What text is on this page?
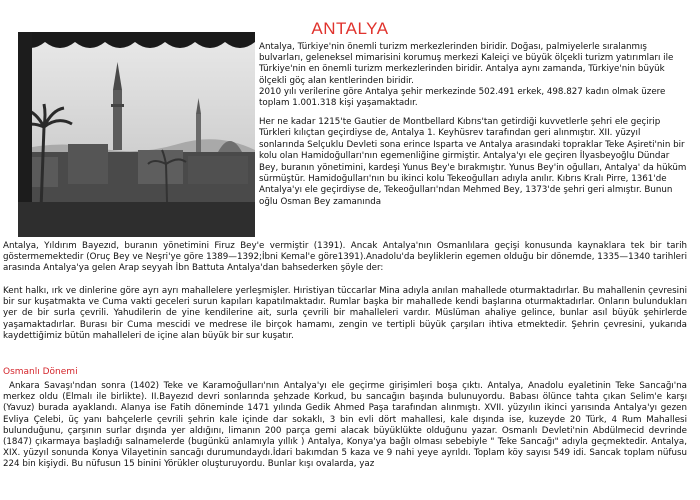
ANTALYA

Antalya, Türkiye'nin önemli turizm merkezlerinden biridir. Doğası, palmiyelerle sıralanmış bulvarları, geleneksel mimarisini korumuş merkezi Kaleiçi ve büyük ölçekli turizm yatırımları ile Türkiye'nin en önemli turizm merkezlerinden biridir. Antalya aynı zamanda, Türkiye'nin büyük ölçekli göç alan kentlerinden biridir.

2010 yılı verilerine göre Antalya şehir merkezinde 502.491 erkek, 498.827 kadın olmak üzere toplam 1.001.318 kişi yaşamaktadır.

Her ne kadar 1215'te Gautier de Montbellard Kıbrıs'tan getirdiği kuvvetlerle şehri ele geçirip Türkleri kılıçtan geçirdiyse de, Antalya 1. Keyhüsrev tarafından geri alınmıştır. XII. yüzyıl sonlarında Selçuklu Devleti sona erince Isparta ve Antalya arasındaki topraklar Teke Aşireti'nin bir kolu olan Hamidoğulları'nın egemenliğine girmiştir. Antalya'yı ele geçiren İlyasbeyoğlu Dündar Bey, buranın yönetimini, kardeşi Yunus Bey'e bırakmıştır. Yunus Bey'in oğulları, Antalya' da hüküm sürmüştür. Hamidoğulları'nın bu ikinci kolu Tekeoğulları adıyla anılır. Kıbrıs Kralı Pirre, 1361'de Antalya'yı ele geçirdiyse de, Tekeoğulları'ndan Mehmed Bey, 1373'de şehri geri almıştır. Bunun oğlu Osman Bey zamanında

Antalya, Yıldırım Bayezıd, buranın yönetimini Firuz Bey'e vermiştir (1391). Ancak Antalya'nın Osmanlılara geçişi konusunda kaynaklara tek bir tarih göstermemektedir (Oruç Bey ve Neşri'ye göre 1389—1392;İbni Kemal'e göre1391).Anadolu'da beyliklerin egemen olduğu bir dönemde, 1335—1340 tarihleri arasında Antalya'ya gelen Arap seyyah İbn Battuta Antalya'dan bahsederken şöyle der:

Kent halkı, ırk ve dinlerine göre ayrı ayrı mahallelere yerleşmişler. Hıristiyan tüccarlar Mina adıyla anılan mahallede oturmaktadırlar. Bu mahallenin çevresini bir sur kuşatmakta ve Cuma vakti geceleri surun kapıları kapatılmaktadır. Rumlar başka bir mahallede kendi başlarına oturmaktadırlar. Onların bulundukları yer de bir surla çevrili. Yahudilerin de yine kendilerine ait, surla çevrili bir mahalleleri vardır. Müslüman ahaliye gelince, bunlar asıl büyük şehirlerde yaşamaktadırlar. Burası bir Cuma mescidi ve medrese ile birçok hamamı, zengin ve tertipli büyük çarşıları ihtiva etmektedir. Şehrin çevresini, yukarıda kaydettiğimiz bütün mahalleleri de içine alan büyük bir sur kuşatır.

Osmanlı Dönemi

Ankara Savaşı'ndan sonra (1402) Teke ve Karamoğulları'nın Antalya'yı ele geçirme girişimleri boşa çıktı. Antalya, Anadolu eyaletinin Teke Sancağı'na merkez oldu (Elmalı ile birlikte). II.Bayezıd devri sonlarında şehzade Korkud, bu sancağın başında bulunuyordu. Babası ölünce tahta çıkan Selim'e karşı (Yavuz) burada ayaklandı. Alanya ise Fatih döneminde 1471 yılında Gedik Ahmed Paşa tarafından alınmıştı. XVII. yüzyılın ikinci yarısında Antalya'yı gezen Evliya Çelebi, üç yanı bahçelerle çevrili şehrin kale içinde dar sokaklı, 3 bin evli dört mahallesi, kale dışında ise, kuzeyde 20 Türk, 4 Rum Mahallesi bulunduğunu, çarşının surlar dışında yer aldığını, limanın 200 parça gemi alacak büyüklükte olduğunu yazar. Osmanlı Devleti'nin Abdülmecid devrinde (1847) çıkarmaya başladığı salnamelerde (bugünkü anlamıyla yıllık ) Antalya, Konya'ya bağlı olması sebebiyle " Teke Sancağı" adıyla geçmektedir. Antalya, XIX. yüzyıl sonunda Konya Vilayetinin sancağı durumundaydı.İdari bakımdan 5 kaza ve 9 nahi yeye ayrıldı. Toplam köy sayısı 549 idi. Sancak toplam nüfusu 224 bin kişiydi. Bu nüfusun 15 binini Yörükler oluşturuyordu. Bunlar kışı ovalarda, yaz
